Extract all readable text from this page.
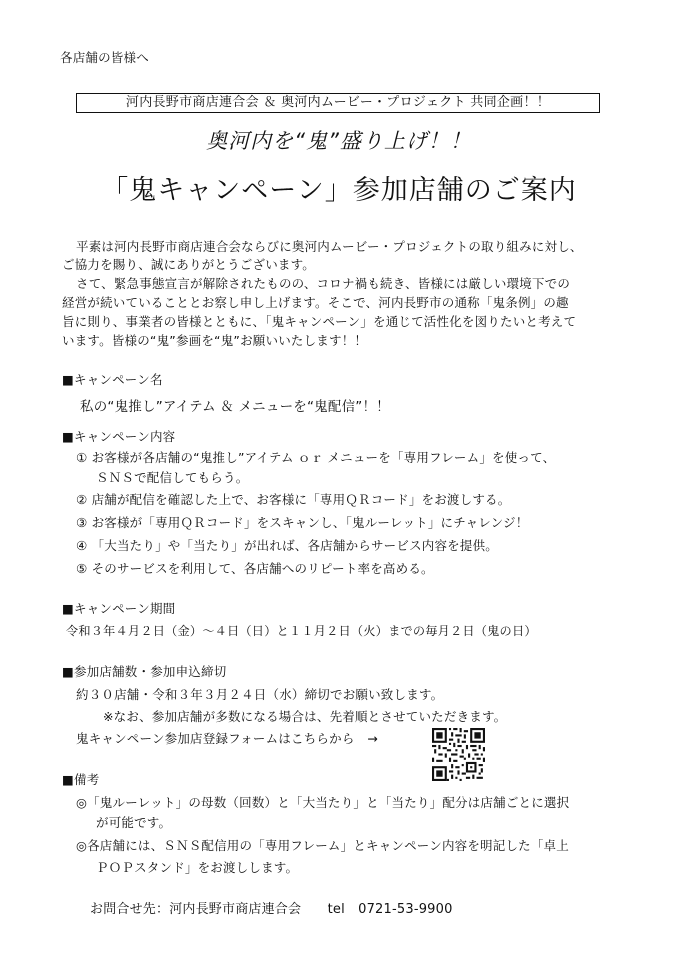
各店舗の皆様へ
河内長野市商店連合会 ＆ 奥河内ムービー・プロジェクト 共同企画！！
奥河内を“鬼”盛り上げ！！
「鬼キャンペーン」参加店舗のご案内
平素は河内長野市商店連合会ならびに奥河内ムービー・プロジェクトの取り組みに対し、
ご協力を賜り、誠にありがとうございます。
さて、緊急事態宣言が解除されたものの、コロナ禍も続き、皆様には厳しい環境下での
経営が続いていることとお察し申し上げます。そこで、河内長野市の通称「鬼条例」の趣
旨に則り、事業者の皆様とともに、「鬼キャンペーン」を通じて活性化を図りたいと考えて
います。皆様の“鬼”参画を“鬼”お願いいたします！！
■キャンペーン名
私の“鬼推し”アイテム ＆ メニューを“鬼配信”！！
■キャンペーン内容
① お客様が各店舗の“鬼推し”アイテム ｏｒ メニューを「専用フレーム」を使って、
ＳＮＳで配信してもらう。
② 店舗が配信を確認した上で、お客様に「専用ＱＲコード」をお渡しする。
③ お客様が「専用ＱＲコード」をスキャンし、「鬼ルーレット」にチャレンジ！
④ 「大当たり」や「当たり」が出れば、各店舗からサービス内容を提供。
⑤ そのサービスを利用して、各店舗へのリピート率を高める。
■キャンペーン期間
令和３年４月２日（金）～４日（日）と１１月２日（火）までの毎月２日（鬼の日）
■参加店舗数・参加申込締切
約３０店舗・令和３年３月２４日（水）締切でお願い致します。
※なお、参加店舗が多数になる場合は、先着順とさせていただきます。
鬼キャンペーン参加店登録フォームはこちらから　→
■備考
◎「鬼ルーレット」の母数（回数）と「大当たり」と「当たり」配分は店舗ごとに選択
が可能です。
◎各店舗には、ＳＮＳ配信用の「専用フレーム」とキャンペーン内容を明記した「卓上
ＰＯＰスタンド」をお渡しします。
お問合せ先：河内長野市商店連合会　　tel　0721-53-9900
